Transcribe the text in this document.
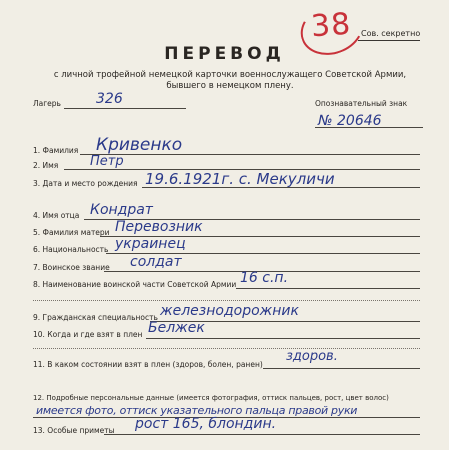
38 Сов. секретно
ПЕРЕВОД
с личной трофейной немецкой карточки военнослужащего Советской Армии,
бывшего в немецком плену.
Лагерь	326	Опознавательный знак
№ 20646
1. Фамилия Кривенко
2. Имя Петр
3. Дата и место рождения 19.6.1921г. с. Мекуличи
4. Имя отца Кондрат
5. Фамилия матери Перевозник
6. Национальность украинец
7. Воинское звание солдат
8. Наименование воинской части Советской Армии 16 с.п.
9. Гражданская специальность железнодорожник
10. Когда и где взят в плен Белжек
11. В каком состоянии взят в плен (здоров, болен, ранен)
здоров.
12. Подробные персональные данные (имеется фотография, оттиск пальцев, рост, цвет волос)
имеется фото, оттиск указательного пальца правой руки
13. Особые приметы рост 165, блондин.
